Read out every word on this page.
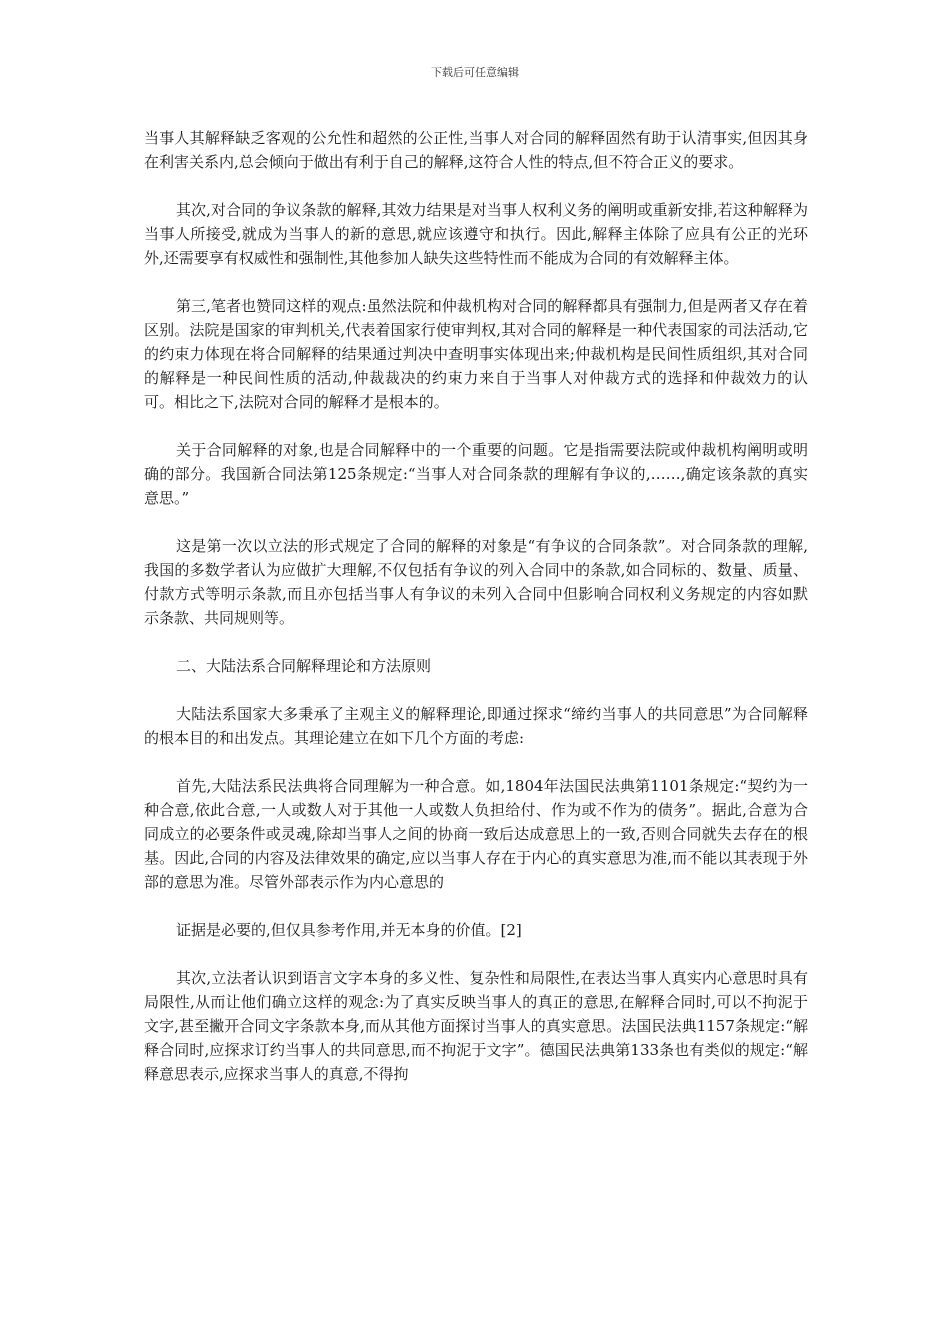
下载后可任意编辑

当事人其解释缺乏客观的公允性和超然的公正性,当事人对合同的解释固然有助于认清事实,但因其身在利害关系内,总会倾向于做出有利于自己的解释,这符合人性的特点,但不符合正义的要求。

其次,对合同的争议条款的解释,其效力结果是对当事人权利义务的阐明或重新安排,若这种解释为当事人所接受,就成为当事人的新的意思,就应该遵守和执行。因此,解释主体除了应具有公正的光环外,还需要享有权威性和强制性,其他参加人缺失这些特性而不能成为合同的有效解释主体。

第三,笔者也赞同这样的观点:虽然法院和仲裁机构对合同的解释都具有强制力,但是两者又存在着区别。法院是国家的审判机关,代表着国家行使审判权,其对合同的解释是一种代表国家的司法活动,它的约束力体现在将合同解释的结果通过判决中查明事实体现出来;仲裁机构是民间性质组织,其对合同的解释是一种民间性质的活动,仲裁裁决的约束力来自于当事人对仲裁方式的选择和仲裁效力的认可。相比之下,法院对合同的解释才是根本的。

关于合同解释的对象,也是合同解释中的一个重要的问题。它是指需要法院或仲裁机构阐明或明确的部分。我国新合同法第125条规定:“当事人对合同条款的理解有争议的,……,确定该条款的真实意思。”

这是第一次以立法的形式规定了合同的解释的对象是“有争议的合同条款”。对合同条款的理解,我国的多数学者认为应做扩大理解,不仅包括有争议的列入合同中的条款,如合同标的、数量、质量、付款方式等明示条款,而且亦包括当事人有争议的未列入合同中但影响合同权利义务规定的内容如默示条款、共同规则等。

二、大陆法系合同解释理论和方法原则

大陆法系国家大多秉承了主观主义的解释理论,即通过探求“缔约当事人的共同意思”为合同解释的根本目的和出发点。其理论建立在如下几个方面的考虑:

首先,大陆法系民法典将合同理解为一种合意。如,1804年法国民法典第1101条规定:“契约为一种合意,依此合意,一人或数人对于其他一人或数人负担给付、作为或不作为的债务”。据此,合意为合同成立的必要条件或灵魂,除却当事人之间的协商一致后达成意思上的一致,否则合同就失去存在的根基。因此,合同的内容及法律效果的确定,应以当事人存在于内心的真实意思为准,而不能以其表现于外部的意思为准。尽管外部表示作为内心意思的

证据是必要的,但仅具参考作用,并无本身的价值。[2]

其次,立法者认识到语言文字本身的多义性、复杂性和局限性,在表达当事人真实内心意思时具有局限性,从而让他们确立这样的观念:为了真实反映当事人的真正的意思,在解释合同时,可以不拘泥于文字,甚至撇开合同文字条款本身,而从其他方面探讨当事人的真实意思。法国民法典1157条规定:“解释合同时,应探求订约当事人的共同意思,而不拘泥于文字”。德国民法典第133条也有类似的规定:“解释意思表示,应探求当事人的真意,不得拘
